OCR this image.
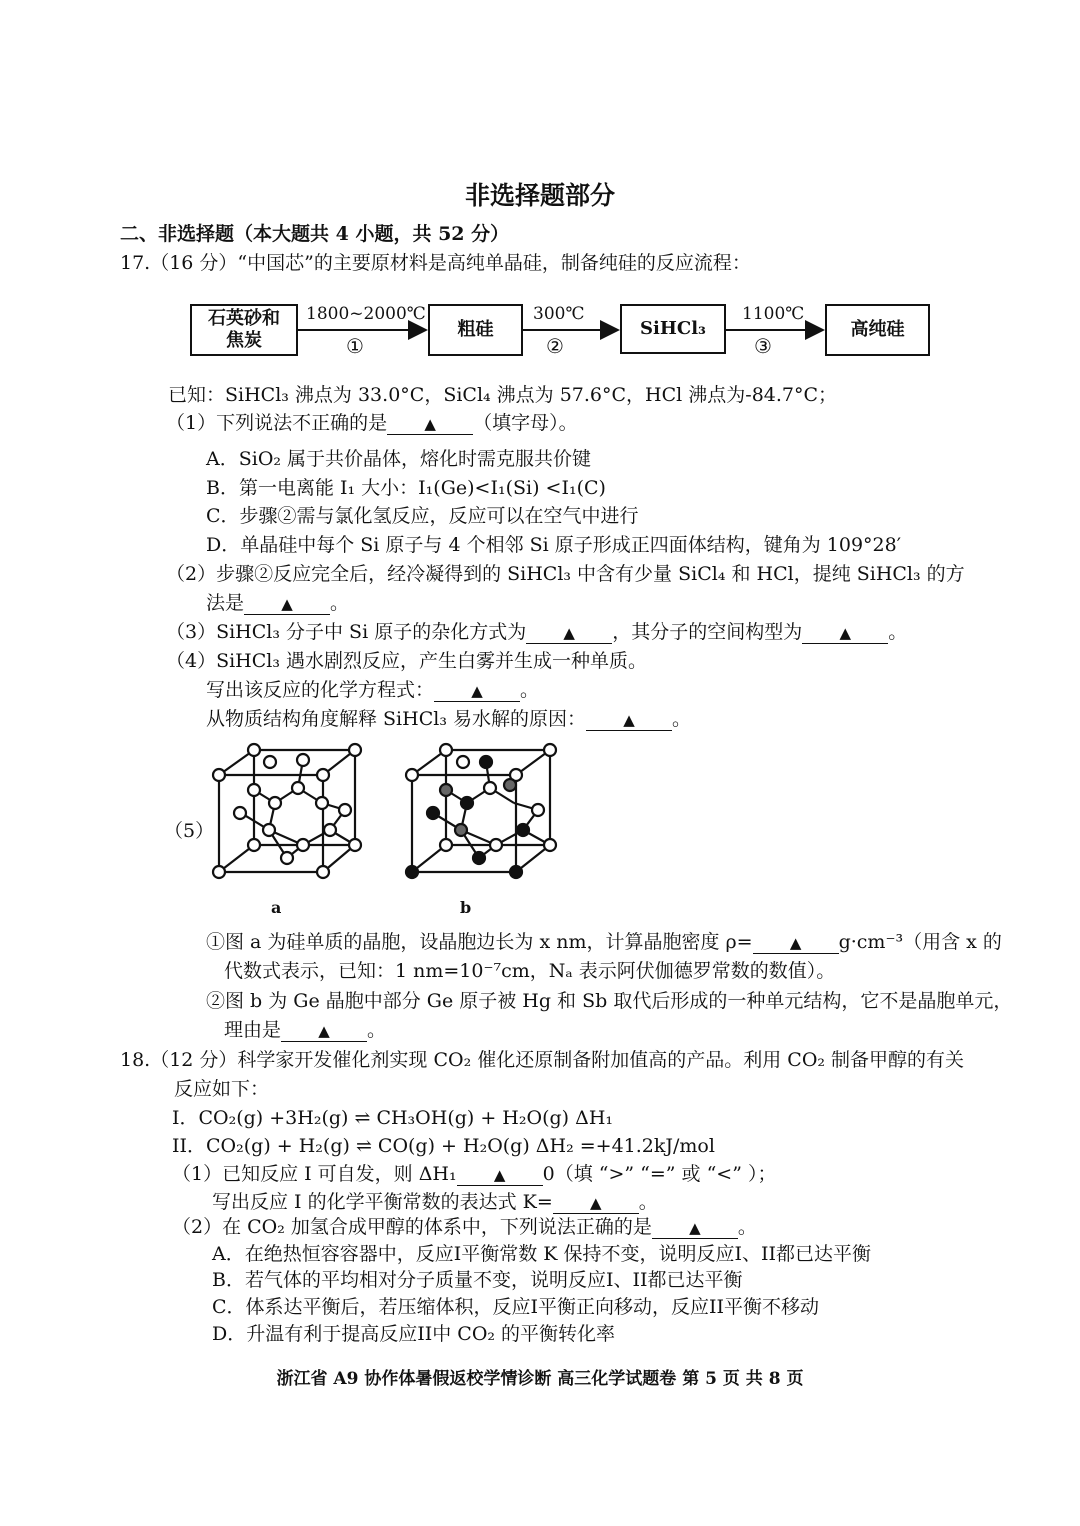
非选择题部分
二、非选择题（本大题共 4 小题，共 52 分）
17.（16 分）“中国芯”的主要原材料是高纯单晶硅，制备纯硅的反应流程：
石英砂和焦炭
粗硅	SiHCl₃	高纯硅
1800~2000℃
①
300℃
②
1100℃
③
已知：SiHCl₃ 沸点为 33.0°C，SiCl₄ 沸点为 57.6°C，HCl 沸点为-84.7°C；
（1）下列说法不正确的是 ▲ （填字母）。
A．SiO₂ 属于共价晶体，熔化时需克服共价键
B．第一电离能 I₁ 大小：I₁(Ge)<I₁(Si) <I₁(C)
C．步骤②需与氯化氢反应，反应可以在空气中进行
D．单晶硅中每个 Si 原子与 4 个相邻 Si 原子形成正四面体结构，键角为 109°28′
（2）步骤②反应完全后，经冷凝得到的 SiHCl₃ 中含有少量 SiCl₄ 和 HCl，提纯 SiHCl₃ 的方
法是 ▲ 。
（3）SiHCl₃ 分子中 Si 原子的杂化方式为 ▲ ，其分子的空间构型为 ▲ 。
（4）SiHCl₃ 遇水剧烈反应，产生白雾并生成一种单质。
写出该反应的化学方程式： ▲ 。
从物质结构角度解释 SiHCl₃ 易水解的原因： ▲ 。
（5）
a	b
①图 a 为硅单质的晶胞，设晶胞边长为 x nm，计算晶胞密度 ρ= ▲ g·cm⁻³（用含 x 的
代数式表示，已知：1 nm=10⁻⁷cm，Nₐ 表示阿伏伽德罗常数的数值）。
②图 b 为 Ge 晶胞中部分 Ge 原子被 Hg 和 Sb 取代后形成的一种单元结构，它不是晶胞单元，
理由是 ▲ 。
18.（12 分）科学家开发催化剂实现 CO₂ 催化还原制备附加值高的产品。利用 CO₂ 制备甲醇的有关
反应如下：
I．CO₂(g) +3H₂(g) ⇌ CH₃OH(g) + H₂O(g) ΔH₁
II．CO₂(g) + H₂(g) ⇌ CO(g) + H₂O(g) ΔH₂ =+41.2kJ/mol
（1）已知反应 I 可自发，则 ΔH₁ ▲ 0（填 “>” “=” 或 “<” ）；
写出反应 I 的化学平衡常数的表达式 K= ▲ 。
（2）在 CO₂ 加氢合成甲醇的体系中，下列说法正确的是 ▲ 。
A．在绝热恒容容器中，反应I平衡常数 K 保持不变，说明反应I、II都已达平衡
B．若气体的平均相对分子质量不变，说明反应I、II都已达平衡
C．体系达平衡后，若压缩体积，反应I平衡正向移动，反应II平衡不移动
D．升温有利于提高反应II中 CO₂ 的平衡转化率
浙江省 A9 协作体暑假返校学情诊断 高三化学试题卷 第 5 页 共 8 页
